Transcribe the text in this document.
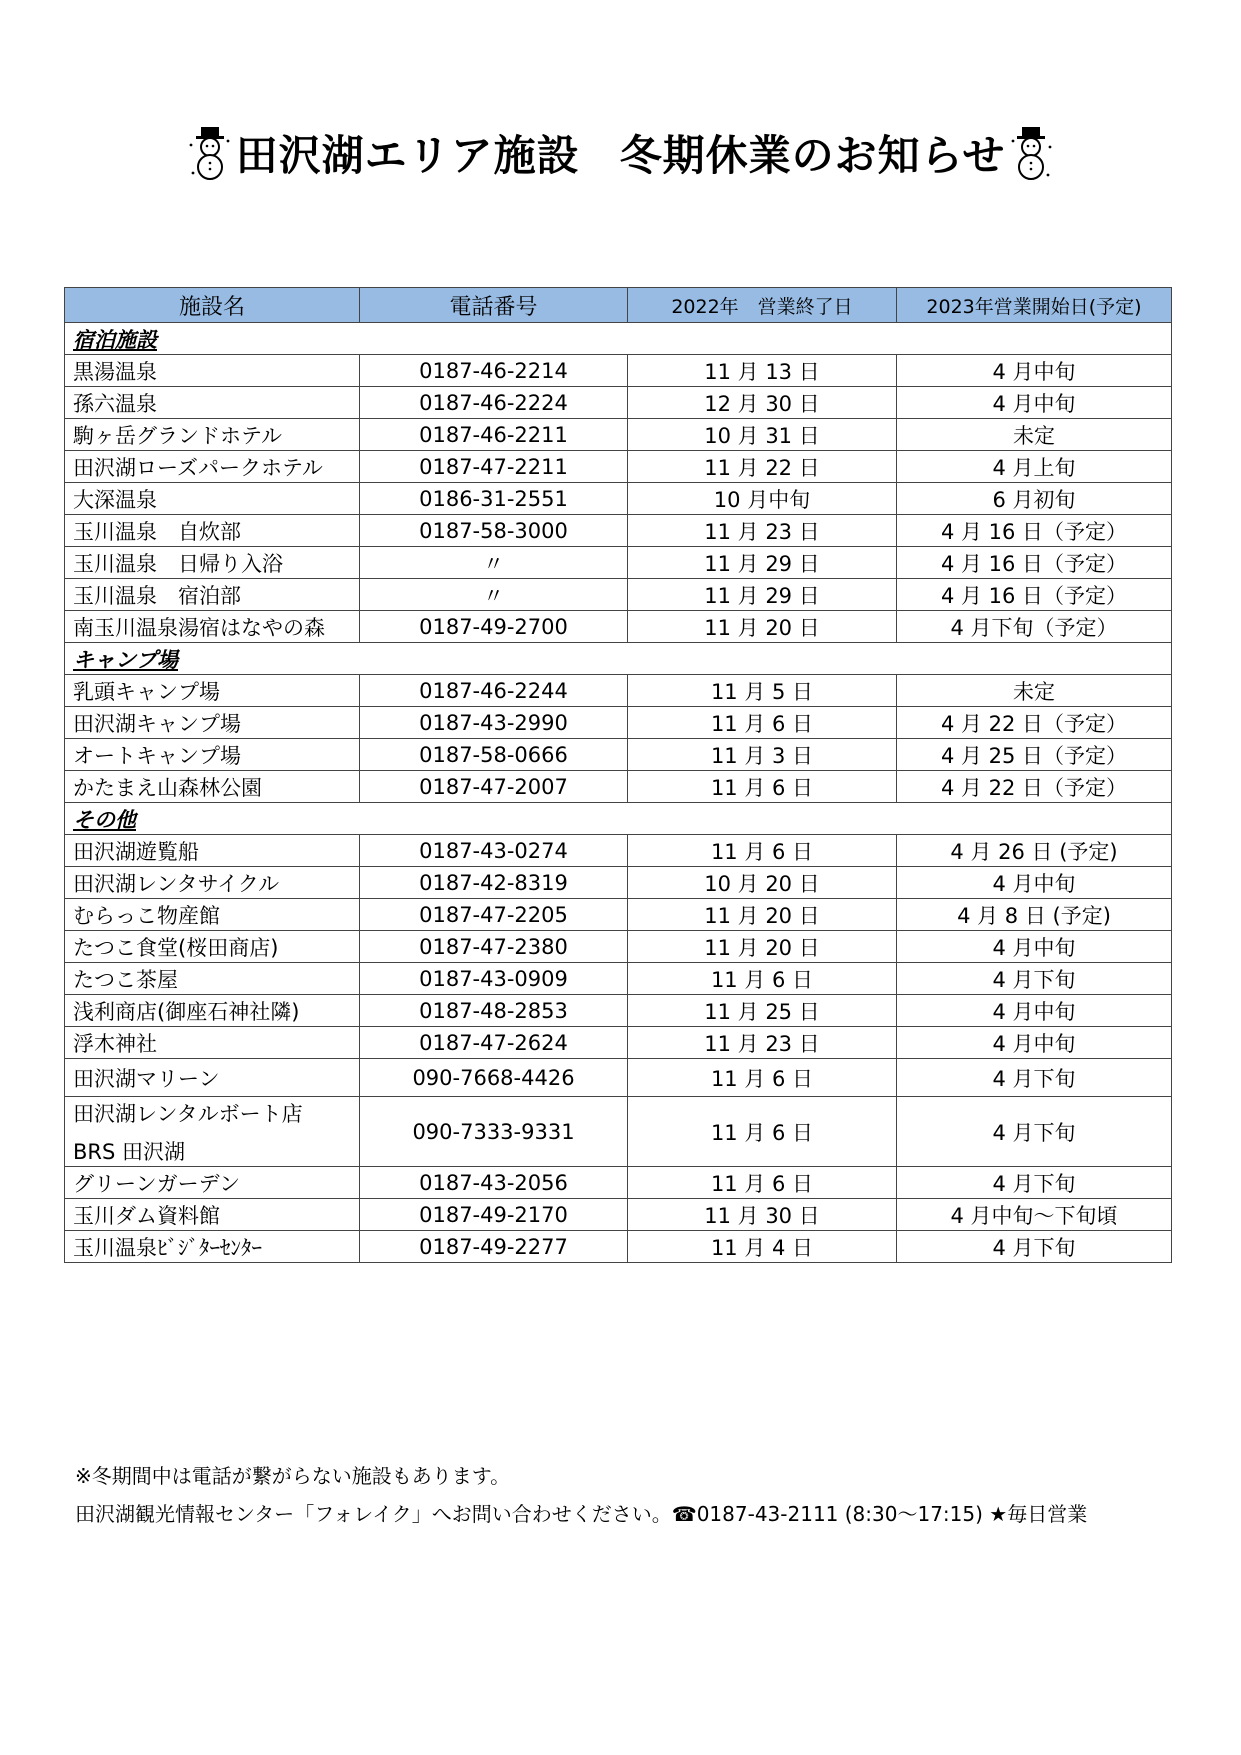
田沢湖エリア施設 冬期休業のお知らせ
施設名	電話番号	2022年　営業終了日	2023年営業開始日(予定)
宿泊施設			
黒湯温泉	0187-46-2214	11 月 13 日	4 月中旬
孫六温泉	0187-46-2224	12 月 30 日	4 月中旬
駒ヶ岳グランドホテル	0187-46-2211	10 月 31 日	未定
田沢湖ローズパークホテル	0187-47-2211	11 月 22 日	4 月上旬
大深温泉	0186-31-2551	10 月中旬	6 月初旬
玉川温泉　自炊部	0187-58-3000	11 月 23 日	4 月 16 日（予定）
玉川温泉　日帰り入浴	〃	11 月 29 日	4 月 16 日（予定）
玉川温泉　宿泊部	〃	11 月 29 日	4 月 16 日（予定）
南玉川温泉湯宿はなやの森	0187-49-2700	11 月 20 日	4 月下旬（予定）
キャンプ場			
乳頭キャンプ場	0187-46-2244	11 月 5 日	未定
田沢湖キャンプ場	0187-43-2990	11 月 6 日	4 月 22 日（予定）
オートキャンプ場	0187-58-0666	11 月 3 日	4 月 25 日（予定）
かたまえ山森林公園	0187-47-2007	11 月 6 日	4 月 22 日（予定）
その他			
田沢湖遊覧船	0187-43-0274	11 月 6 日	4 月 26 日 (予定)
田沢湖レンタサイクル	0187-42-8319	10 月 20 日	4 月中旬
むらっこ物産館	0187-47-2205	11 月 20 日	4 月 8 日 (予定)
たつこ食堂(桜田商店)	0187-47-2380	11 月 20 日	4 月中旬
たつこ茶屋	0187-43-0909	11 月 6 日	4 月下旬
浅利商店(御座石神社隣)	0187-48-2853	11 月 25 日	4 月中旬
浮木神社	0187-47-2624	11 月 23 日	4 月中旬
田沢湖マリーン	090-7668-4426	11 月 6 日	4 月下旬

田沢湖レンタルボート店
BRS 田沢湖	090-7333-9331	11 月 6 日	4 月下旬
グリーンガーデン	0187-43-2056	11 月 6 日	4 月下旬
玉川ダム資料館	0187-49-2170	11 月 30 日	4 月中旬～下旬頃
玉川温泉ﾋﾞｼﾞﾀｰｾﾝﾀｰ	0187-49-2277	11 月 4 日	4 月下旬
※冬期間中は電話が繋がらない施設もあります。
田沢湖観光情報センター「フォレイク」へお問い合わせください。☎0187-43-2111 (8:30～17:15) ★毎日営業
